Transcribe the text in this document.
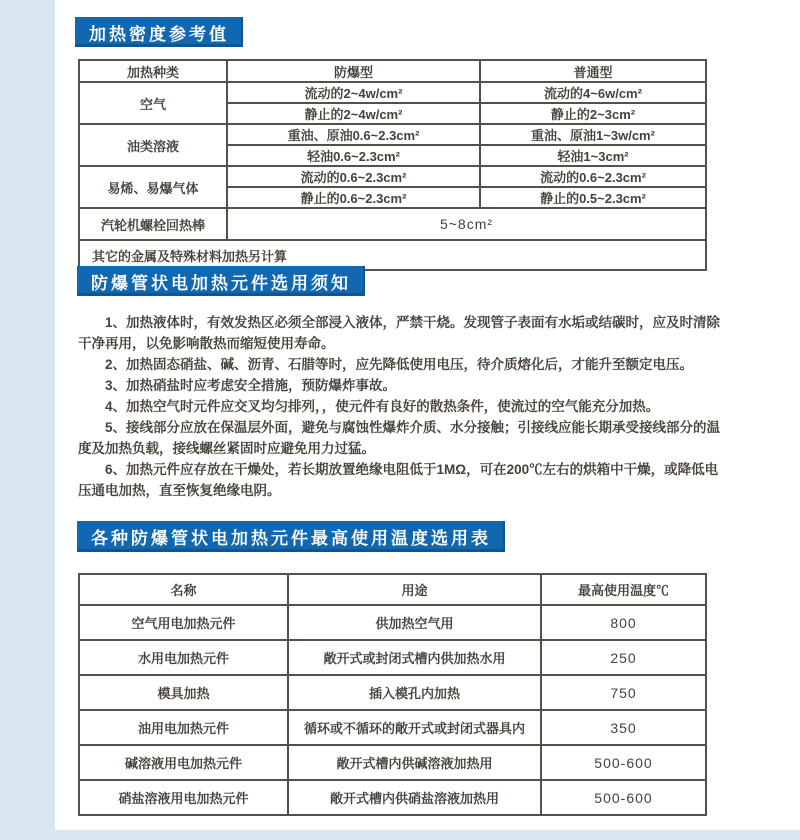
加热密度参考值
加热种类	防爆型	普通型
空气	流动的2~4w/cm²	流动的4~6w/cm²
	静止的2~4w/cm²	静止的2~3cm²
油类溶液	重油、原油0.6~2.3cm²	重油、原油1~3w/cm²
	轻油0.6~2.3cm²	轻油1~3cm²
易烯、易爆气体	流动的0.6~2.3cm²	流动的0.6~2.3cm²
	静止的0.6~2.3cm²	静止的0.5~2.3cm²
汽轮机螺栓回热棒	5~8cm²	
其它的金属及特殊材料加热另计算		
防爆管状电加热元件选用须知

1、加热液体时，有效发热区必须全部浸入液体，严禁干烧。发现管子表面有水垢或结碳时，应及时清除干净再用，以免影响散热而缩短使用寿命。

2、加热固态硝盐、碱、沥青、石腊等时，应先降低使用电压，待介质熔化后，才能升至额定电压。

3、加热硝盐时应考虑安全措施，预防爆炸事故。

4、加热空气时元件应交叉均匀排列，，使元件有良好的散热条件，使流过的空气能充分加热。

5、接线部分应放在保温层外面，避免与腐蚀性爆炸介质、水分接触；引接线应能长期承受接线部分的温度及加热负载，接线螺丝紧固时应避免用力过猛。

6、加热元件应存放在干燥处，若长期放置绝缘电阻低于1MΩ，可在200℃左右的烘箱中干燥，或降低电压通电加热，直至恢复绝缘电阴。

各种防爆管状电加热元件最高使用温度选用表
名称	用途	最高使用温度℃
空气用电加热元件	供加热空气用	800
水用电加热元件	敞开式或封闭式槽内供加热水用	250
模具加热	插入模孔内加热	750
油用电加热元件	循环或不循环的敞开式或封闭式器具内	350
碱溶液用电加热元件	敞开式槽内供碱溶液加热用	500-600
硝盐溶液用电加热元件	敞开式槽内供硝盐溶液加热用	500-600
